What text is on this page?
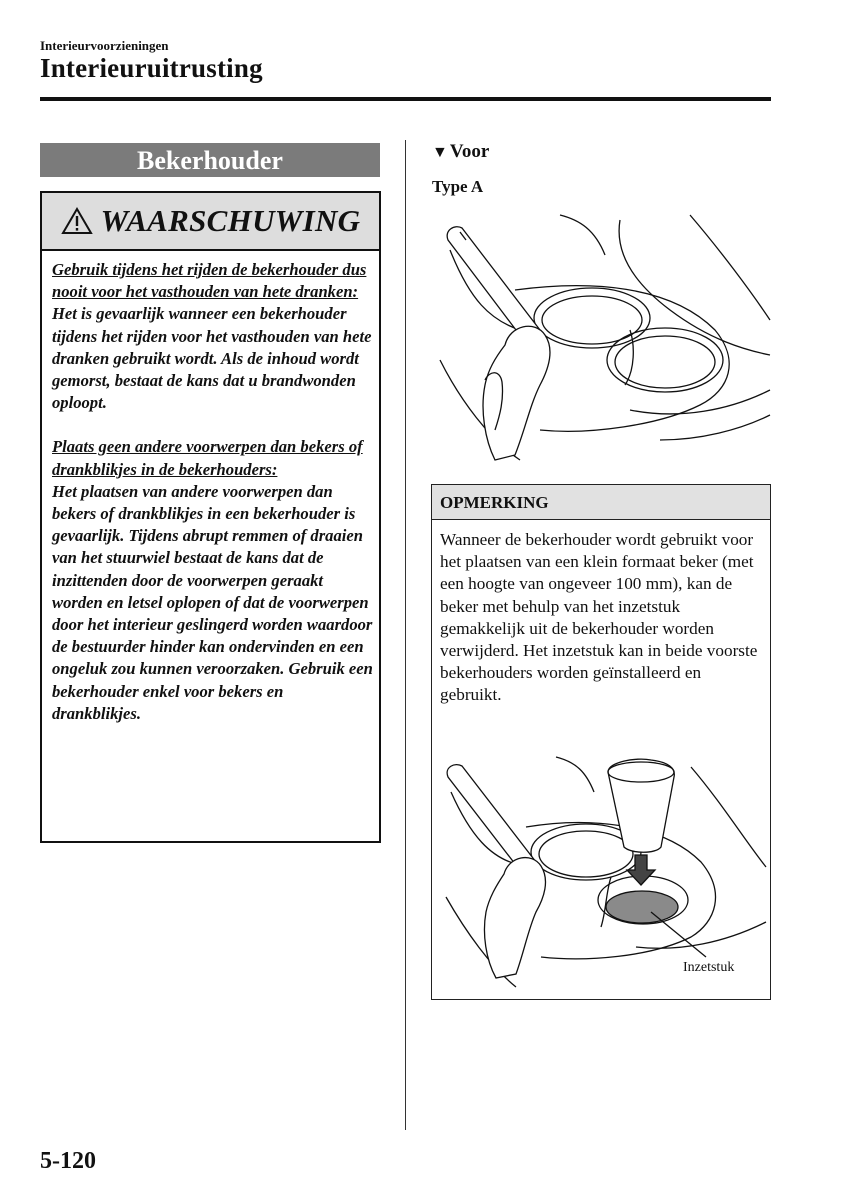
Interieurvoorzieningen
Interieuruitrusting
Bekerhouder
WAARSCHUWING

Gebruik tijdens het rijden de bekerhouder dus nooit voor het vasthouden van hete dranken:

Het is gevaarlijk wanneer een bekerhouder tijdens het rijden voor het vasthouden van hete dranken gebruikt wordt. Als de inhoud wordt gemorst, bestaat de kans dat u brandwonden oploopt.

Plaats geen andere voorwerpen dan bekers of drankblikjes in de bekerhouders:

Het plaatsen van andere voorwerpen dan bekers of drankblikjes in een bekerhouder is gevaarlijk. Tijdens abrupt remmen of draaien van het stuurwiel bestaat de kans dat de inzittenden door de voorwerpen geraakt worden en letsel oplopen of dat de voorwerpen door het interieur geslingerd worden waardoor de bestuurder hinder kan ondervinden en een ongeluk zou kunnen veroorzaken. Gebruik een bekerhouder enkel voor bekers en drankblikjes.

▼ Voor
Type A
OPMERKING
Wanneer de bekerhouder wordt gebruikt voor het plaatsen van een klein formaat beker (met een hoogte van ongeveer 100 mm), kan de beker met behulp van het inzetstuk gemakkelijk uit de bekerhouder worden verwijderd. Het inzetstuk kan in beide voorste bekerhouders worden geïnstalleerd en gebruikt.
Inzetstuk
5-120
